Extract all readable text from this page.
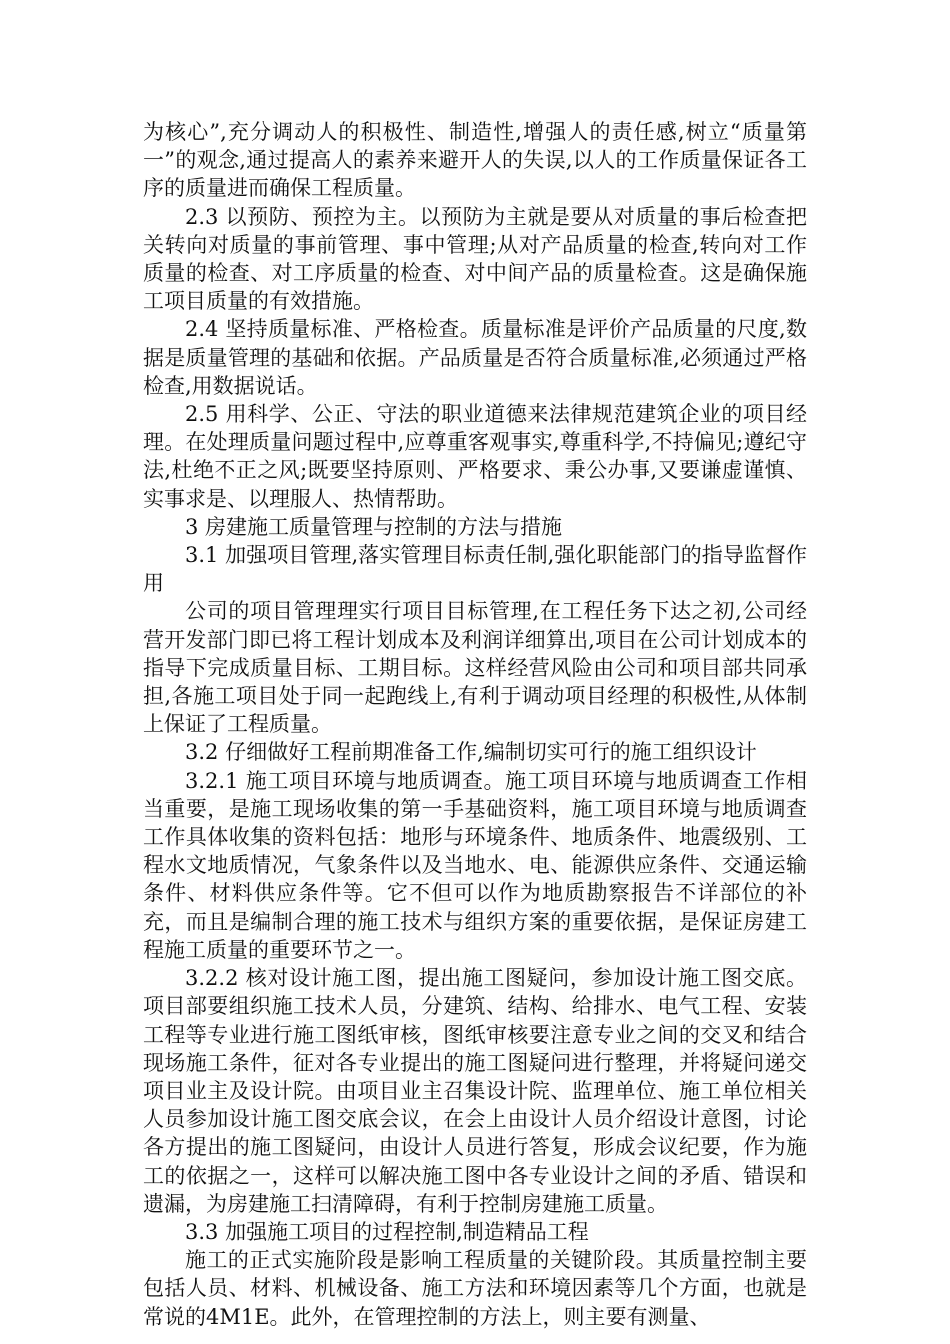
为核心”,充分调动人的积极性、制造性,增强人的责任感,树立“质量第一”的观念,通过提高人的素养来避开人的失误,以人的工作质量保证各工序的质量进而确保工程质量。

2.3 以预防、预控为主。以预防为主就是要从对质量的事后检查把关转向对质量的事前管理、事中管理;从对产品质量的检查,转向对工作质量的检查、对工序质量的检查、对中间产品的质量检查。这是确保施工项目质量的有效措施。

2.4 坚持质量标准、严格检查。质量标准是评价产品质量的尺度,数据是质量管理的基础和依据。产品质量是否符合质量标准,必须通过严格检查,用数据说话。

2.5 用科学、公正、守法的职业道德来法律规范建筑企业的项目经理。在处理质量问题过程中,应尊重客观事实,尊重科学,不持偏见;遵纪守法,杜绝不正之风;既要坚持原则、严格要求、秉公办事,又要谦虚谨慎、实事求是、以理服人、热情帮助。

3 房建施工质量管理与控制的方法与措施

3.1 加强项目管理,落实管理目标责任制,强化职能部门的指导监督作用

公司的项目管理理实行项目目标管理,在工程任务下达之初,公司经营开发部门即已将工程计划成本及利润详细算出,项目在公司计划成本的指导下完成质量目标、工期目标。这样经营风险由公司和项目部共同承担,各施工项目处于同一起跑线上,有利于调动项目经理的积极性,从体制上保证了工程质量。

3.2 仔细做好工程前期准备工作,编制切实可行的施工组织设计

3.2.1 施工项目环境与地质调查。施工项目环境与地质调查工作相当重要，是施工现场收集的第一手基础资料，施工项目环境与地质调查工作具体收集的资料包括：地形与环境条件、地质条件、地震级别、工程水文地质情况，气象条件以及当地水、电、能源供应条件、交通运输条件、材料供应条件等。它不但可以作为地质勘察报告不详部位的补充，而且是编制合理的施工技术与组织方案的重要依据，是保证房建工程施工质量的重要环节之一。

3.2.2 核对设计施工图，提出施工图疑问，参加设计施工图交底。项目部要组织施工技术人员，分建筑、结构、给排水、电气工程、安装工程等专业进行施工图纸审核，图纸审核要注意专业之间的交叉和结合现场施工条件，征对各专业提出的施工图疑问进行整理，并将疑问递交项目业主及设计院。由项目业主召集设计院、监理单位、施工单位相关人员参加设计施工图交底会议，在会上由设计人员介绍设计意图，讨论各方提出的施工图疑问，由设计人员进行答复，形成会议纪要，作为施工的依据之一，这样可以解决施工图中各专业设计之间的矛盾、错误和遗漏，为房建施工扫清障碍，有利于控制房建施工质量。

3.3 加强施工项目的过程控制,制造精品工程

施工的正式实施阶段是影响工程质量的关键阶段。其质量控制主要包括人员、材料、机械设备、施工方法和环境因素等几个方面，也就是常说的4M1E。此外，在管理控制的方法上，则主要有测量、
